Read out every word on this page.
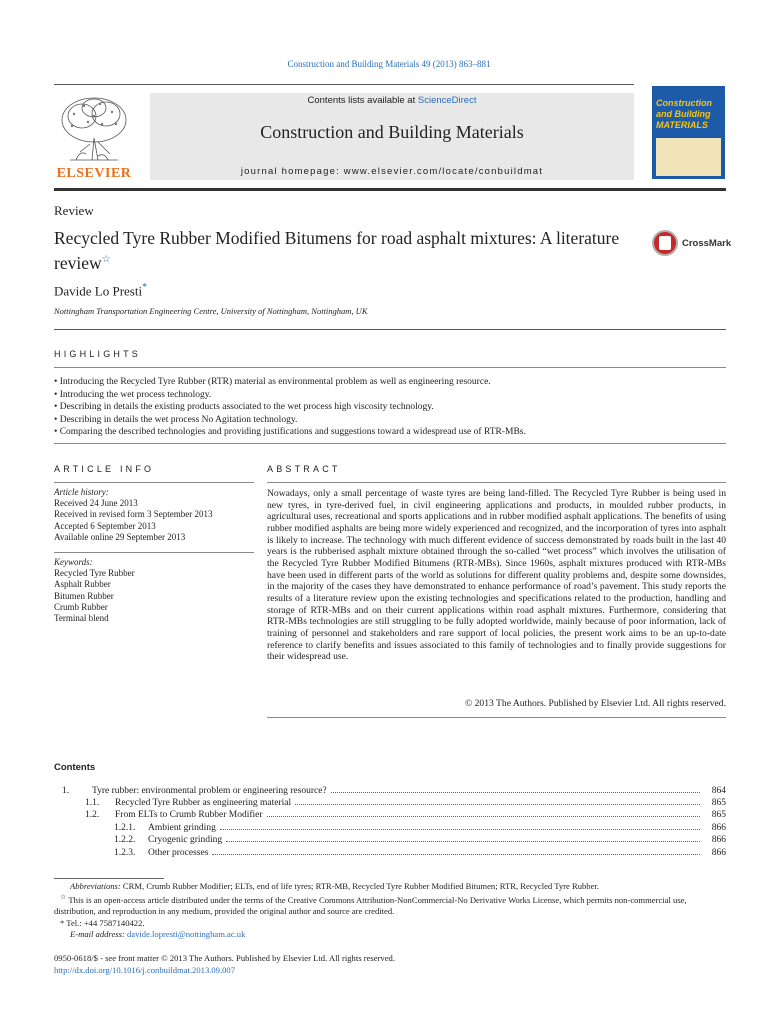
Construction and Building Materials 49 (2013) 863–881
ELSEVIER
Contents lists available at ScienceDirect
Construction and Building Materials
journal homepage: www.elsevier.com/locate/conbuildmat
Construction and Building MATERIALS
Review
Recycled Tyre Rubber Modified Bitumens for road asphalt mixtures: A literature review☆
CrossMark
Davide Lo Presti*
Nottingham Transportation Engineering Centre, University of Nottingham, Nottingham, UK
HIGHLIGHTS
• Introducing the Recycled Tyre Rubber (RTR) material as environmental problem as well as engineering resource.
• Introducing the wet process technology.
• Describing in details the existing products associated to the wet process high viscosity technology.
• Describing in details the wet process No Agitation technology.
• Comparing the described technologies and providing justifications and suggestions toward a widespread use of RTR-MBs.
ARTICLE INFO	ABSTRACT
Article history:
Received 24 June 2013
Received in revised form 3 September 2013
Accepted 6 September 2013
Available online 29 September 2013
Keywords:
Recycled Tyre Rubber
Asphalt Rubber
Bitumen Rubber
Crumb Rubber
Terminal blend

Nowadays, only a small percentage of waste tyres are being land-filled. The Recycled Tyre Rubber is being used in new tyres, in tyre-derived fuel, in civil engineering applications and products, in moulded rubber products, in agricultural uses, recreational and sports applications and in rubber modified asphalt applications. The benefits of using rubber modified asphalts are being more widely experienced and recognized, and the incorporation of tyres into asphalt is likely to increase. The technology with much different evidence of success demonstrated by roads built in the last 40 years is the rubberised asphalt mixture obtained through the so-called “wet process” which involves the utilisation of the Recycled Tyre Rubber Modified Bitumens (RTR-MBs). Since 1960s, asphalt mixtures produced with RTR-MBs have been used in different parts of the world as solutions for different quality problems and, despite some downsides, in the majority of the cases they have demonstrated to enhance performance of road’s pavement. This study reports the results of a literature review upon the existing technologies and specifications related to the production, handling and storage of RTR-MBs and on their current applications within road asphalt mixtures. Furthermore, considering that RTR-MBs technologies are still struggling to be fully adopted worldwide, mainly because of poor information, lack of training of personnel and stakeholders and rare support of local policies, the present work aims to be an up-to-date reference to clarify benefits and issues associated to this family of technologies and to finally provide suggestions for their widespread use.

© 2013 The Authors. Published by Elsevier Ltd. All rights reserved.
Contents
1.	Tyre rubber: environmental problem or engineering resource?	864
1.1.	Recycled Tyre Rubber as engineering material	865
1.2.	From ELTs to Crumb Rubber Modifier	865
1.2.1.	Ambient grinding	866
1.2.2.	Cryogenic grinding	866
1.2.3.	Other processes	866
Abbreviations: CRM, Crumb Rubber Modifier; ELTs, end of life tyres; RTR-MB, Recycled Tyre Rubber Modified Bitumen; RTR, Recycled Tyre Rubber.
☆ This is an open-access article distributed under the terms of the Creative Commons Attribution-NonCommercial-No Derivative Works License, which permits non-commercial use, distribution, and reproduction in any medium, provided the original author and source are credited.
* Tel.: +44 7587140422.
E-mail address: davide.lopresti@nottingham.ac.uk
0950-0618/$ - see front matter © 2013 The Authors. Published by Elsevier Ltd. All rights reserved.
http://dx.doi.org/10.1016/j.conbuildmat.2013.09.007
